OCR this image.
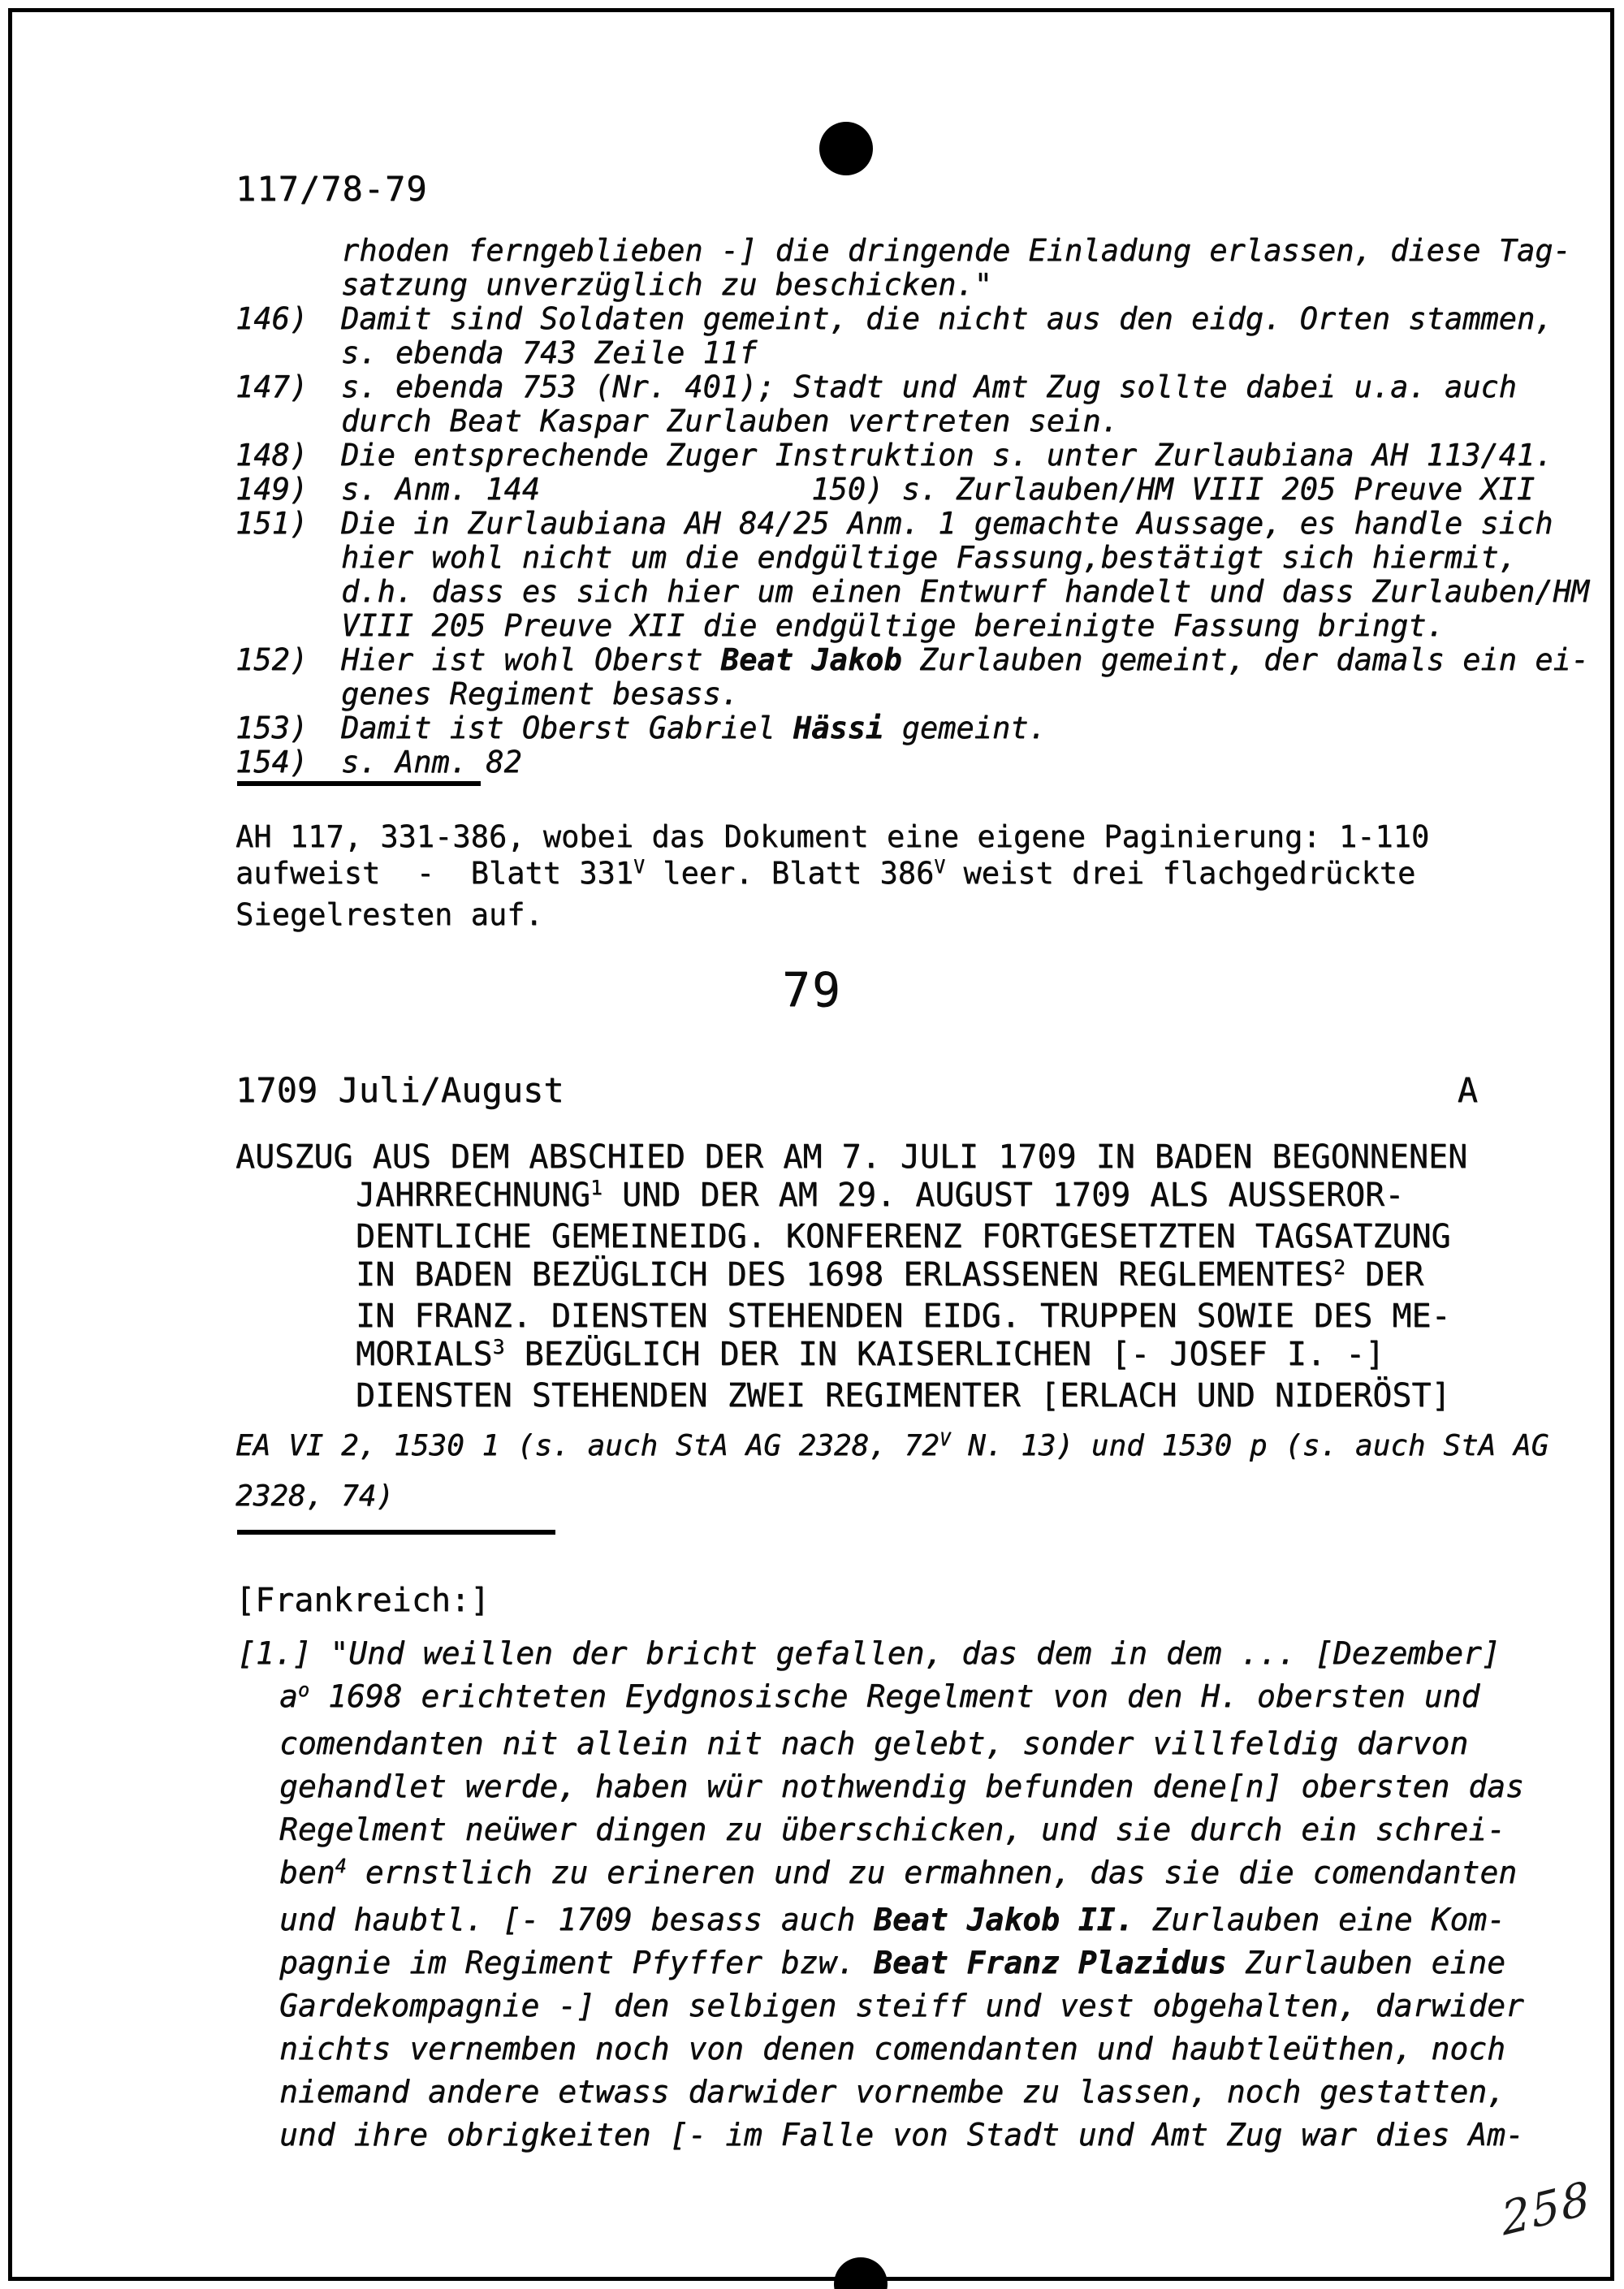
117/78-79
rhoden ferngeblieben -] die dringende Einladung erlassen, diese Tag-
satzung unverzüglich zu beschicken."
146)	Damit sind Soldaten gemeint, die nicht aus den eidg. Orten stammen,
s. ebenda 743 Zeile 11f
147)	s. ebenda 753 (Nr. 401); Stadt und Amt Zug sollte dabei u.a. auch
durch Beat Kaspar Zurlauben vertreten sein.
148)	Die entsprechende Zuger Instruktion s. unter Zurlaubiana AH 113/41.
149)	s. Anm. 144               150) s. Zurlauben/HM VIII 205 Preuve XII
151)	Die in Zurlaubiana AH 84/25 Anm. 1 gemachte Aussage, es handle sich
hier wohl nicht um die endgültige Fassung,bestätigt sich hiermit,
d.h. dass es sich hier um einen Entwurf handelt und dass Zurlauben/HM
VIII 205 Preuve XII die endgültige bereinigte Fassung bringt.
152)	Hier ist wohl Oberst Beat Jakob Zurlauben gemeint, der damals ein ei-
genes Regiment besass.
153)	Damit ist Oberst Gabriel Hässi gemeint.
154)	s. Anm. 82
AH 117, 331-386, wobei das Dokument eine eigene Paginierung: 1-110
aufweist  -  Blatt $331^V$ leer. Blatt $386^V$ weist drei flachgedrückte
Siegelresten auf.
79
1709 Juli/August	A
AUSZUG AUS DEM ABSCHIED DER AM 7. JULI 1709 IN BADEN BEGONNENEN
JAHRRECHNUNG$^1$ UND DER AM 29. AUGUST 1709 ALS AUSSEROR-
DENTLICHE GEMEINEIDG. KONFERENZ FORTGESETZTEN TAGSATZUNG
IN BADEN BEZÜGLICH DES 1698 ERLASSENEN REGLEMENTES$^2$ DER
IN FRANZ. DIENSTEN STEHENDEN EIDG. TRUPPEN SOWIE DES ME-
MORIALS$^3$ BEZÜGLICH DER IN KAISERLICHEN [- JOSEF I. -]
DIENSTEN STEHENDEN ZWEI REGIMENTER [ERLACH UND NIDERÖST]
EA VI 2, 1530 1 (s. auch StA AG 2328, $72^V$ N. 13) und 1530 p (s. auch StA AG
2328, 74)
[Frankreich:]
[1.] "Und weillen der bricht gefallen, das dem in dem ... [Dezember]
$a^o$ 1698 erichteten Eydgnosische Regelment von den H. obersten und
comendanten nit allein nit nach gelebt, sonder villfeldig darvon
gehandlet werde, haben wür nothwendig befunden dene[n] obersten das
Regelment neüwer dingen zu überschicken, und sie durch ein schrei-
ben$^4$ ernstlich zu erineren und zu ermahnen, das sie die comendanten
und haubtl. [- 1709 besass auch Beat Jakob II. Zurlauben eine Kom-
pagnie im Regiment Pfyffer bzw. Beat Franz Plazidus Zurlauben eine
Gardekompagnie -] den selbigen steiff und vest obgehalten, darwider
nichts vernemben noch von denen comendanten und haubtleüthen, noch
niemand andere etwass darwider vornembe zu lassen, noch gestatten,
und ihre obrigkeiten [- im Falle von Stadt und Amt Zug war dies Am-
258
